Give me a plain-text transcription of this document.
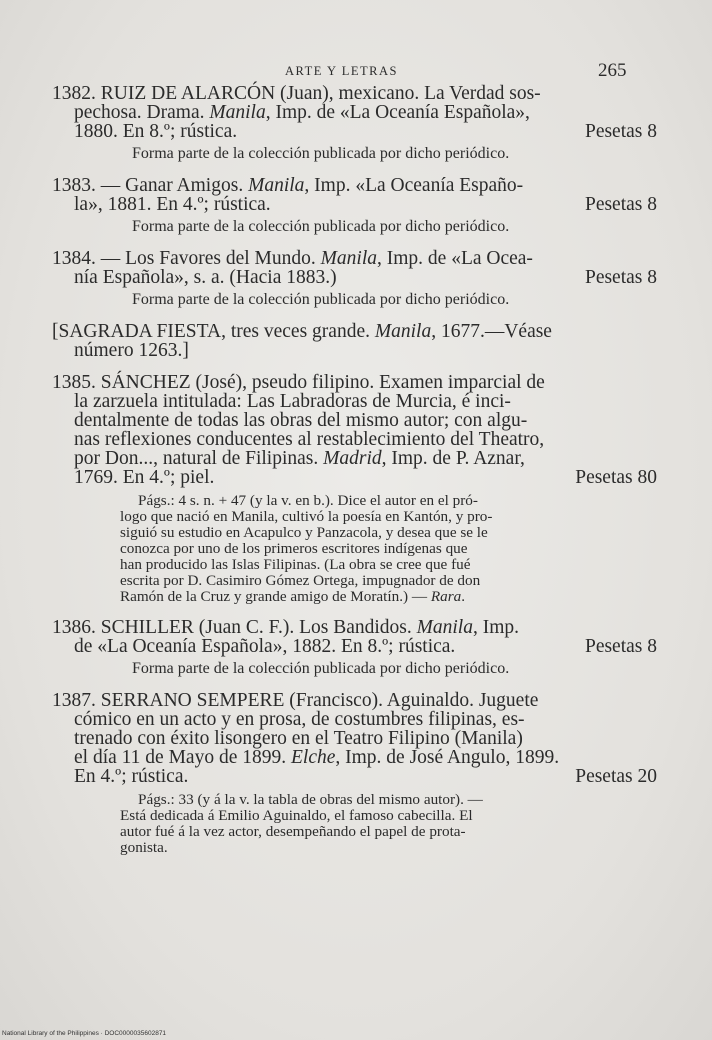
ARTE Y LETRAS	265
1382. RUIZ DE ALARCÓN (Juan), mexicano. La Verdad sos-
pechosa. Drama. Manila, Imp. de «La Oceanía Española»,
1880. En 8.º; rústica.	Pesetas 8
Forma parte de la colección publicada por dicho periódico.
1383. — Ganar Amigos. Manila, Imp. «La Oceanía Españo-
la», 1881. En 4.º; rústica.	Pesetas 8
Forma parte de la colección publicada por dicho periódico.
1384. — Los Favores del Mundo. Manila, Imp. de «La Ocea-
nía Española», s. a. (Hacia 1883.)	Pesetas 8
Forma parte de la colección publicada por dicho periódico.
[SAGRADA FIESTA, tres veces grande. Manila, 1677.—Véase
número 1263.]
1385. SÁNCHEZ (José), pseudo filipino. Examen imparcial de
la zarzuela intitulada: Las Labradoras de Murcia, é inci-
dentalmente de todas las obras del mismo autor; con algu-
nas reflexiones conducentes al restablecimiento del Theatro,
por Don..., natural de Filipinas. Madrid, Imp. de P. Aznar,
1769. En 4.º; piel.	Pesetas 80
Págs.: 4 s. n. + 47 (y la v. en b.). Dice el autor en el pró-
logo que nació en Manila, cultivó la poesía en Kantón, y pro-
siguió su estudio en Acapulco y Panzacola, y desea que se le
conozca por uno de los primeros escritores indígenas que
han producido las Islas Filipinas. (La obra se cree que fué
escrita por D. Casimiro Gómez Ortega, impugnador de don
Ramón de la Cruz y grande amigo de Moratín.) — Rara.
1386. SCHILLER (Juan C. F.). Los Bandidos. Manila, Imp.
de «La Oceanía Española», 1882. En 8.º; rústica.	Pesetas 8
Forma parte de la colección publicada por dicho periódico.
1387. SERRANO SEMPERE (Francisco). Aguinaldo. Juguete
cómico en un acto y en prosa, de costumbres filipinas, es-
trenado con éxito lisongero en el Teatro Filipino (Manila)
el día 11 de Mayo de 1899. Elche, Imp. de José Angulo, 1899.
En 4.º; rústica.	Pesetas 20
Págs.: 33 (y á la v. la tabla de obras del mismo autor). —
Está dedicada á Emilio Aguinaldo, el famoso cabecilla. El
autor fué á la vez actor, desempeñando el papel de prota-
gonista.
National Library of the Philippines · DOC0000035602871
